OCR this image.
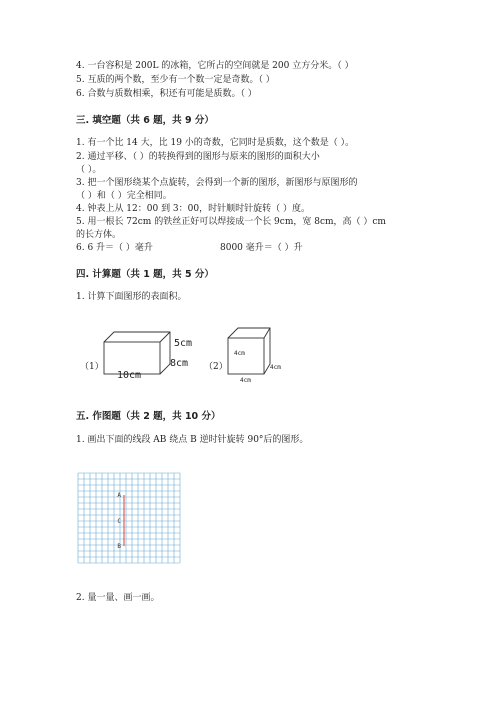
4. 一台容积是 200L 的冰箱，它所占的空间就是 200 立方分米。（ ）
5. 互质的两个数，至少有一个数一定是奇数。（ ）
6. 合数与质数相乘，积还有可能是质数。（ ）
三. 填空题（共 6 题，共 9 分）
1. 有一个比 14 大，比 19 小的奇数，它同时是质数，这个数是（ ）。
2. 通过平移、（ ）的转换得到的图形与原来的图形的面积大小
（ ）。
3. 把一个图形绕某个点旋转，会得到一个新的图形，新图形与原图形的
（ ）和（ ）完全相同。
4. 钟表上从 12：00 到 3：00，时针顺时针旋转（ ）度。
5. 用一根长 72cm 的铁丝正好可以焊接成一个长 9cm，宽 8cm，高（ ）cm
的长方体。
6. 6 升＝（ ）毫升	8000 毫升＝（ ）升
四. 计算题（共 1 题，共 5 分）
1. 计算下面图形的表面积。
（1）
5cm
8cm
10cm
（2）
4cm
4cm
4cm
五. 作图题（共 2 题，共 10 分）
1. 画出下面的线段 AB 绕点 B 逆时针旋转 90°后的图形。
A
C
B
2. 量一量、画一画。
